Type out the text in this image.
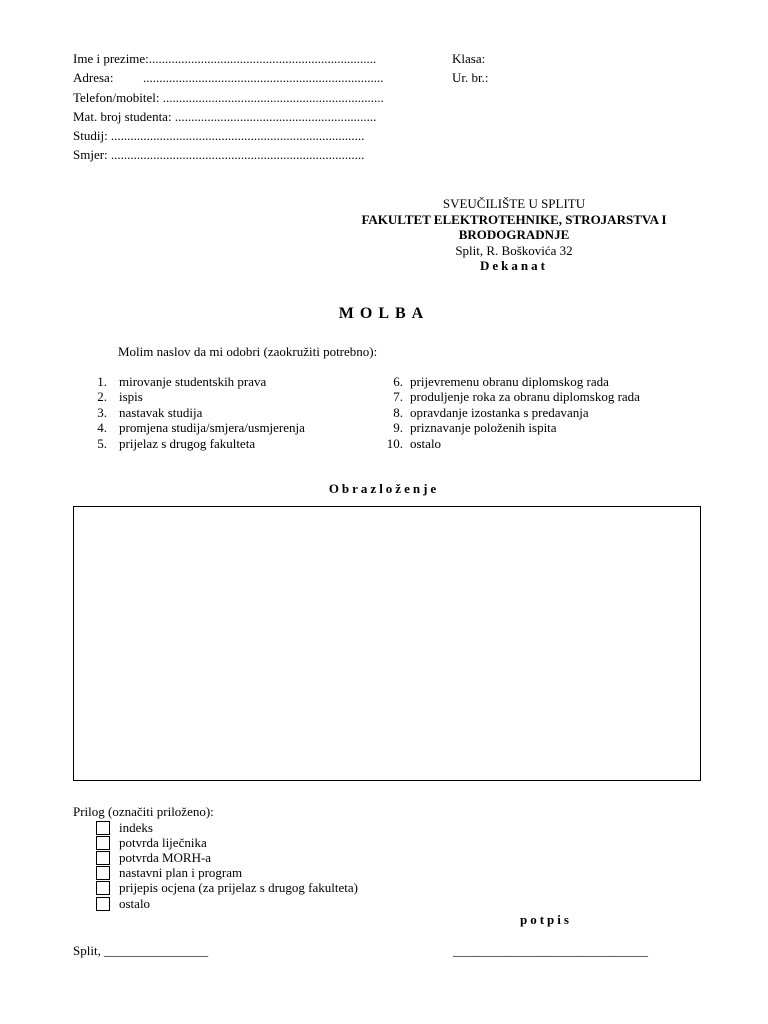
Ime i prezime:......................................................................
Adresa: ..........................................................................
Telefon/mobitel: ....................................................................
Mat. broj studenta: ..............................................................
Studij: ..............................................................................
Smjer: ..............................................................................
Klasa:
Ur. br.:
SVEUČILIŠTE U SPLITU
FAKULTET ELEKTROTEHNIKE, STROJARSTVA I
BRODOGRADNJE
Split, R. Boškovića 32
Dekanat
MOLBA
Molim naslov da mi odobri (zaokružiti potrebno):
1. mirovanje studentskih prava
2. ispis
3. nastavak studija
4. promjena studija/smjera/usmjerenja
5. prijelaz s drugog fakulteta
6. prijevremenu obranu diplomskog rada
7. produljenje roka za obranu diplomskog rada
8. opravdanje izostanka s predavanja
9. priznavanje položenih ispita
10. ostalo
Obrazloženje
Prilog (označiti priloženo):
indeks
potvrda liječnika
potvrda MORH-a
nastavni plan i program
prijepis ocjena (za prijelaz s drugog fakulteta)
ostalo
potpis
Split, ________________	______________________________
